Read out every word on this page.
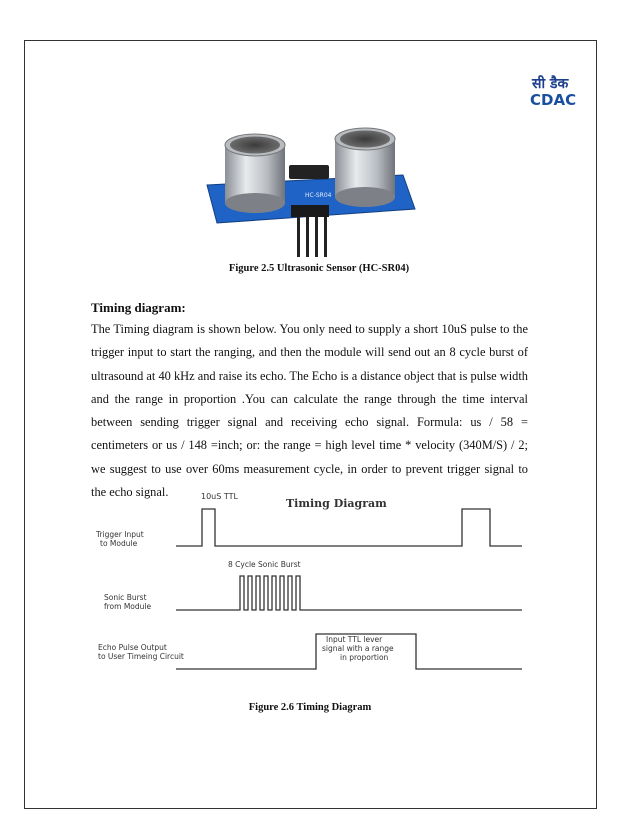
सी डैक
CDAC
HC-SR04
Figure 2.5 Ultrasonic Sensor (HC-SR04)
Timing diagram:
The Timing diagram is shown below. You only need to supply a short 10uS pulse to the trigger input to start the ranging, and then the module will send out an 8 cycle burst of ultrasound at 40 kHz and raise its echo. The Echo is a distance object that is pulse width and the range in proportion .You can calculate the range through the time interval between sending trigger signal and receiving echo signal. Formula: us / 58 = centimeters or us / 148 =inch; or: the range = high level time * velocity (340M/S) / 2; we suggest to use over 60ms measurement cycle, in order to prevent trigger signal to the echo signal.
Timing Diagram
10uS TTL
8 Cycle Sonic Burst
Trigger Input
to Module
Sonic Burst
from Module
Echo Pulse Output
to User Timeing Circuit
Input TTL lever
signal with a range
in proportion
Figure 2.6 Timing Diagram
